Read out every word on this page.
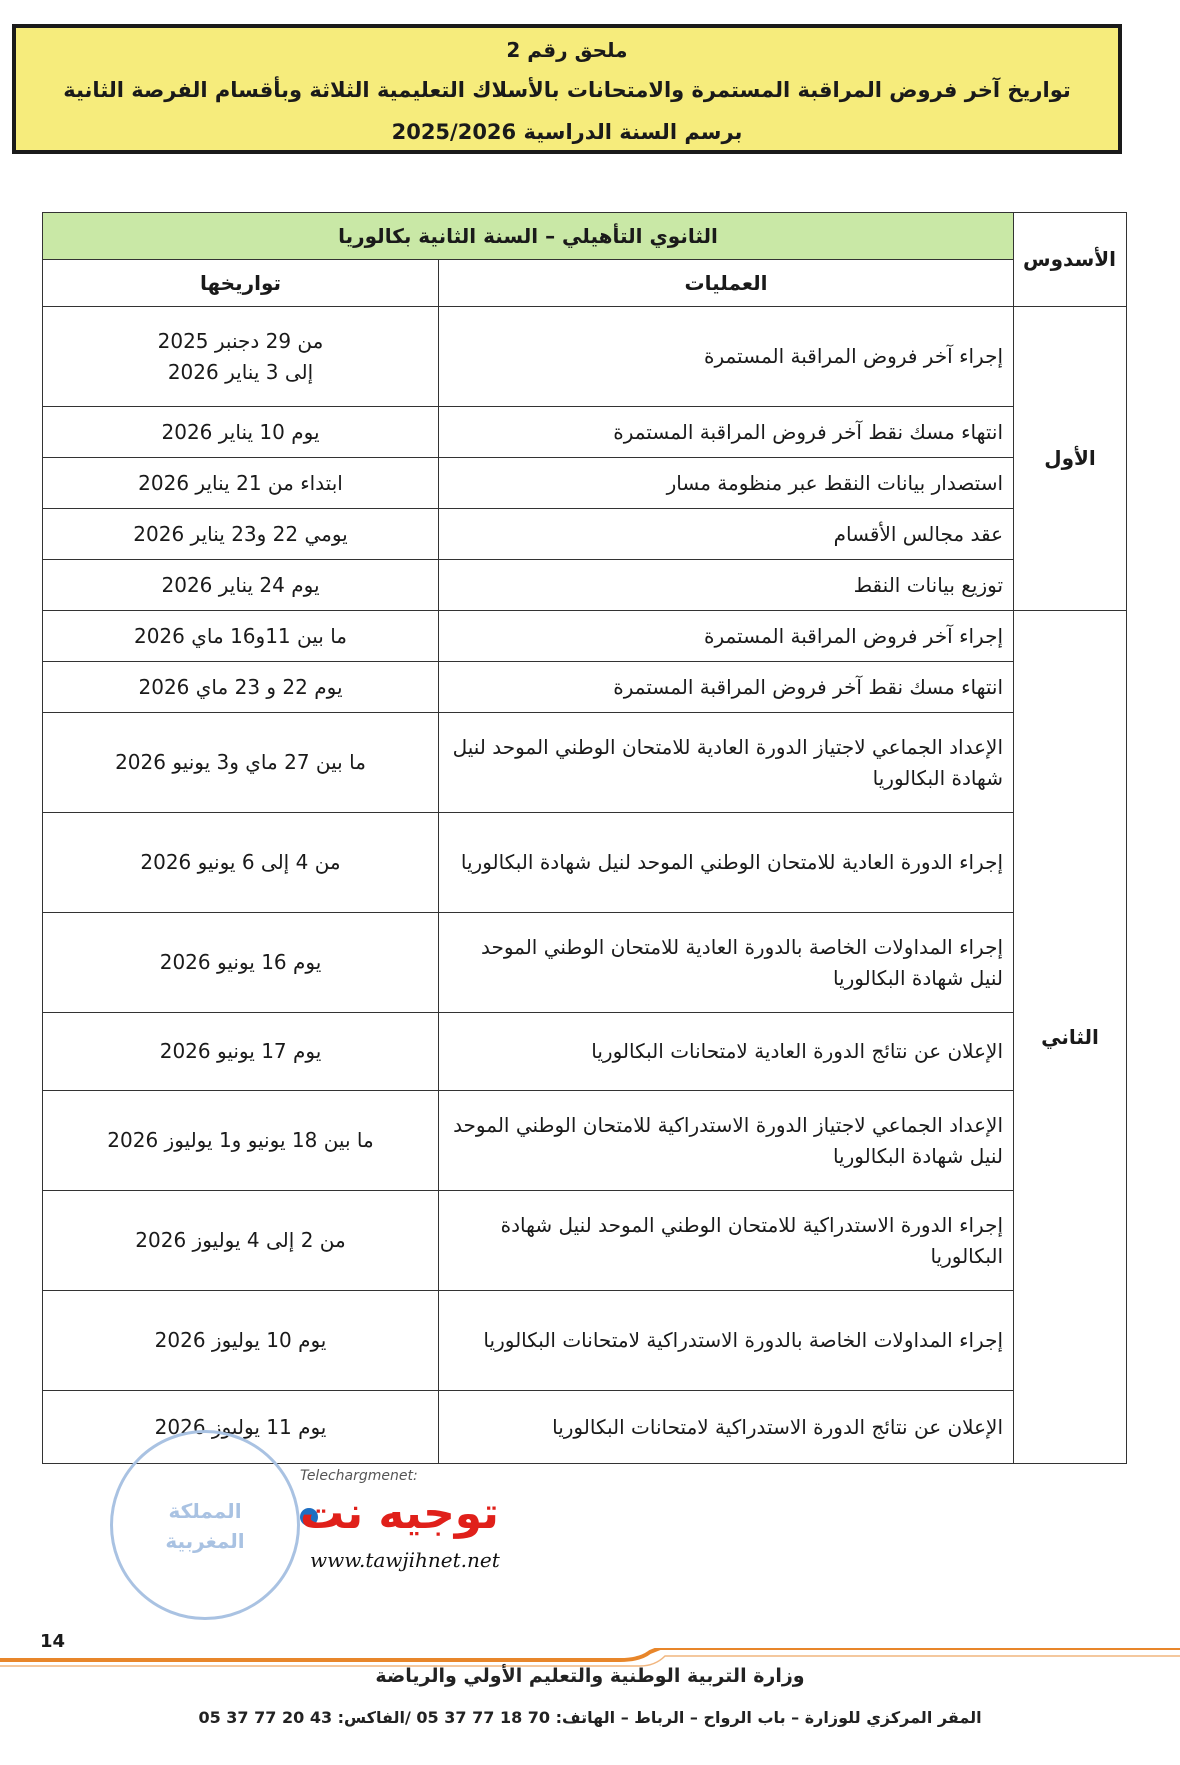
ملحق رقم 2
تواريخ آخر فروض المراقبة المستمرة والامتحانات بالأسلاك التعليمية الثلاثة وبأقسام الفرصة الثانية
برسم السنة الدراسية 2025/2026
الأسدوس	الثانوي التأهيلي – السنة الثانية بكالوريا	
	العمليات	تواريخها
الأول	إجراء آخر فروض المراقبة المستمرة	من 29 دجنبر 2025
إلى 3 يناير 2026

	انتهاء مسك نقط آخر فروض المراقبة المستمرة	يوم 10 يناير 2026

	استصدار بيانات النقط عبر منظومة مسار	ابتداء من 21 يناير 2026

	عقد مجالس الأقسام	يومي 22 و23 يناير 2026

	توزيع بيانات النقط	يوم 24 يناير 2026

الثاني	إجراء آخر فروض المراقبة المستمرة	ما بين 11و16 ماي 2026

	انتهاء مسك نقط آخر فروض المراقبة المستمرة	يوم 22 و 23 ماي 2026

	الإعداد الجماعي لاجتياز الدورة العادية للامتحان الوطني الموحد لنيل شهادة البكالوريا	ما بين 27 ماي و3 يونيو 2026

	إجراء الدورة العادية للامتحان الوطني الموحد لنيل شهادة البكالوريا	من 4 إلى 6 يونيو 2026

	إجراء المداولات الخاصة بالدورة العادية للامتحان الوطني الموحد لنيل شهادة البكالوريا	يوم 16 يونيو 2026

	الإعلان عن نتائج الدورة العادية لامتحانات البكالوريا	يوم 17 يونيو 2026

	الإعداد الجماعي لاجتياز الدورة الاستدراكية للامتحان الوطني الموحد لنيل شهادة البكالوريا	ما بين 18 يونيو و1 يوليوز 2026

	إجراء الدورة الاستدراكية للامتحان الوطني الموحد لنيل شهادة البكالوريا	من 2 إلى 4 يوليوز 2026

	إجراء المداولات الخاصة بالدورة الاستدراكية لامتحانات البكالوريا	يوم 10 يوليوز 2026

	الإعلان عن نتائج الدورة الاستدراكية لامتحانات البكالوريا	يوم 11 يوليوز 2026
المملكة
المغربية
Telechargmenet:
توجيه نت
www.tawjihnet.net
14
وزارة التربية الوطنية والتعليم الأولي والرياضة
المقر المركزي للوزارة – باب الرواح – الرباط – الهاتف: 70 18 77 37 05 /الفاكس: 43 20 77 37 05
